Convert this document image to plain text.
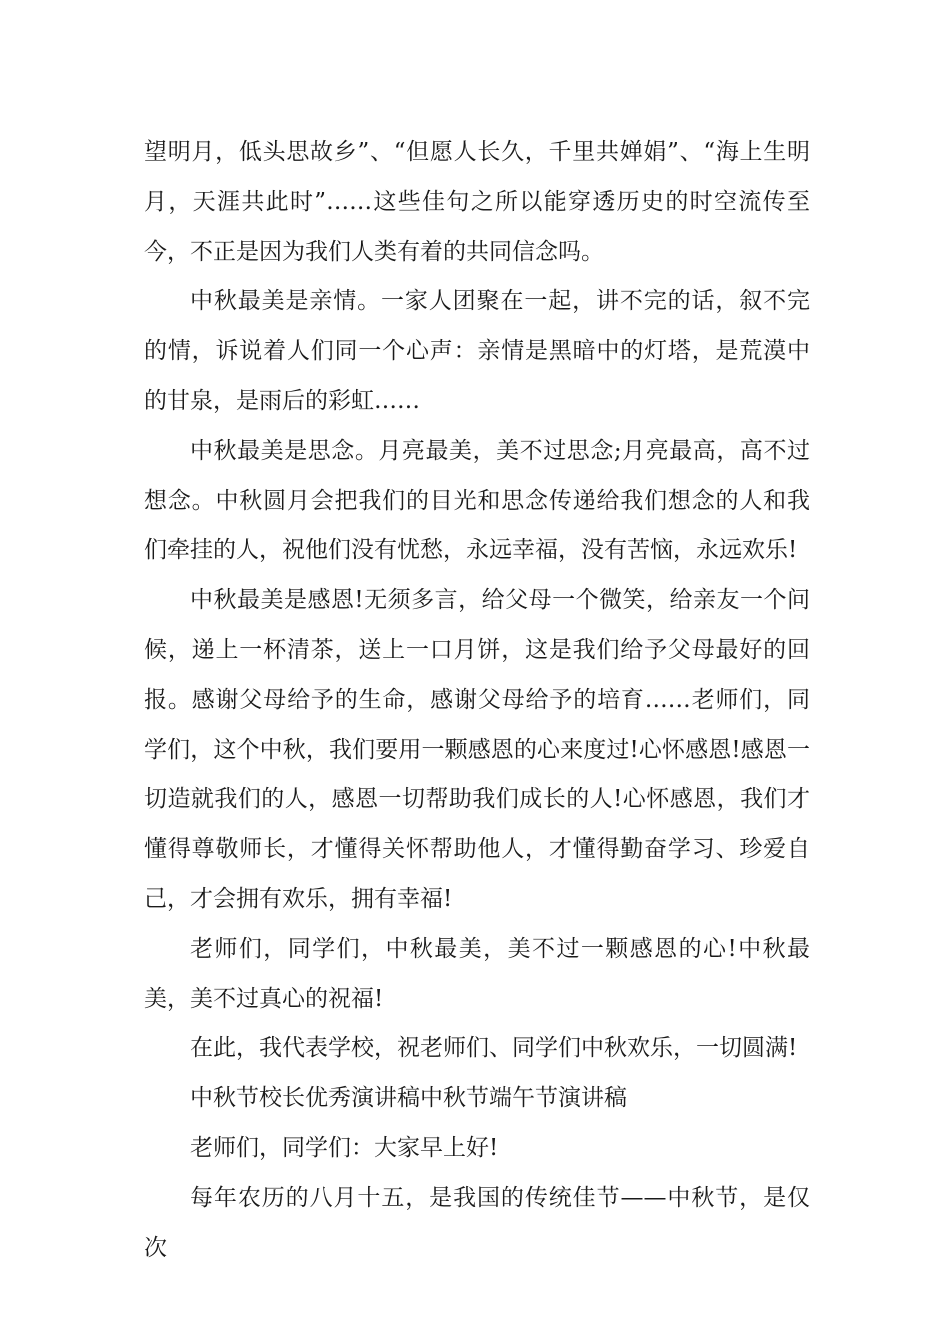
望明月，低头思故乡”、“但愿人长久，千里共婵娟”、“海上生明月，天涯共此时”……这些佳句之所以能穿透历史的时空流传至今，不正是因为我们人类有着的共同信念吗。

中秋最美是亲情。一家人团聚在一起，讲不完的话，叙不完的情，诉说着人们同一个心声：亲情是黑暗中的灯塔，是荒漠中的甘泉，是雨后的彩虹……

中秋最美是思念。月亮最美，美不过思念;月亮最高，高不过想念。中秋圆月会把我们的目光和思念传递给我们想念的人和我们牵挂的人，祝他们没有忧愁，永远幸福，没有苦恼，永远欢乐!

中秋最美是感恩!无须多言，给父母一个微笑，给亲友一个问候，递上一杯清茶，送上一口月饼，这是我们给予父母最好的回报。感谢父母给予的生命，感谢父母给予的培育……老师们，同学们，这个中秋，我们要用一颗感恩的心来度过!心怀感恩!感恩一切造就我们的人，感恩一切帮助我们成长的人!心怀感恩，我们才懂得尊敬师长，才懂得关怀帮助他人，才懂得勤奋学习、珍爱自己，才会拥有欢乐，拥有幸福!

老师们，同学们，中秋最美，美不过一颗感恩的心!中秋最美，美不过真心的祝福!

在此，我代表学校，祝老师们、同学们中秋欢乐，一切圆满!

中秋节校长优秀演讲稿中秋节端午节演讲稿

老师们，同学们：大家早上好!

每年农历的八月十五，是我国的传统佳节——中秋节，是仅次
